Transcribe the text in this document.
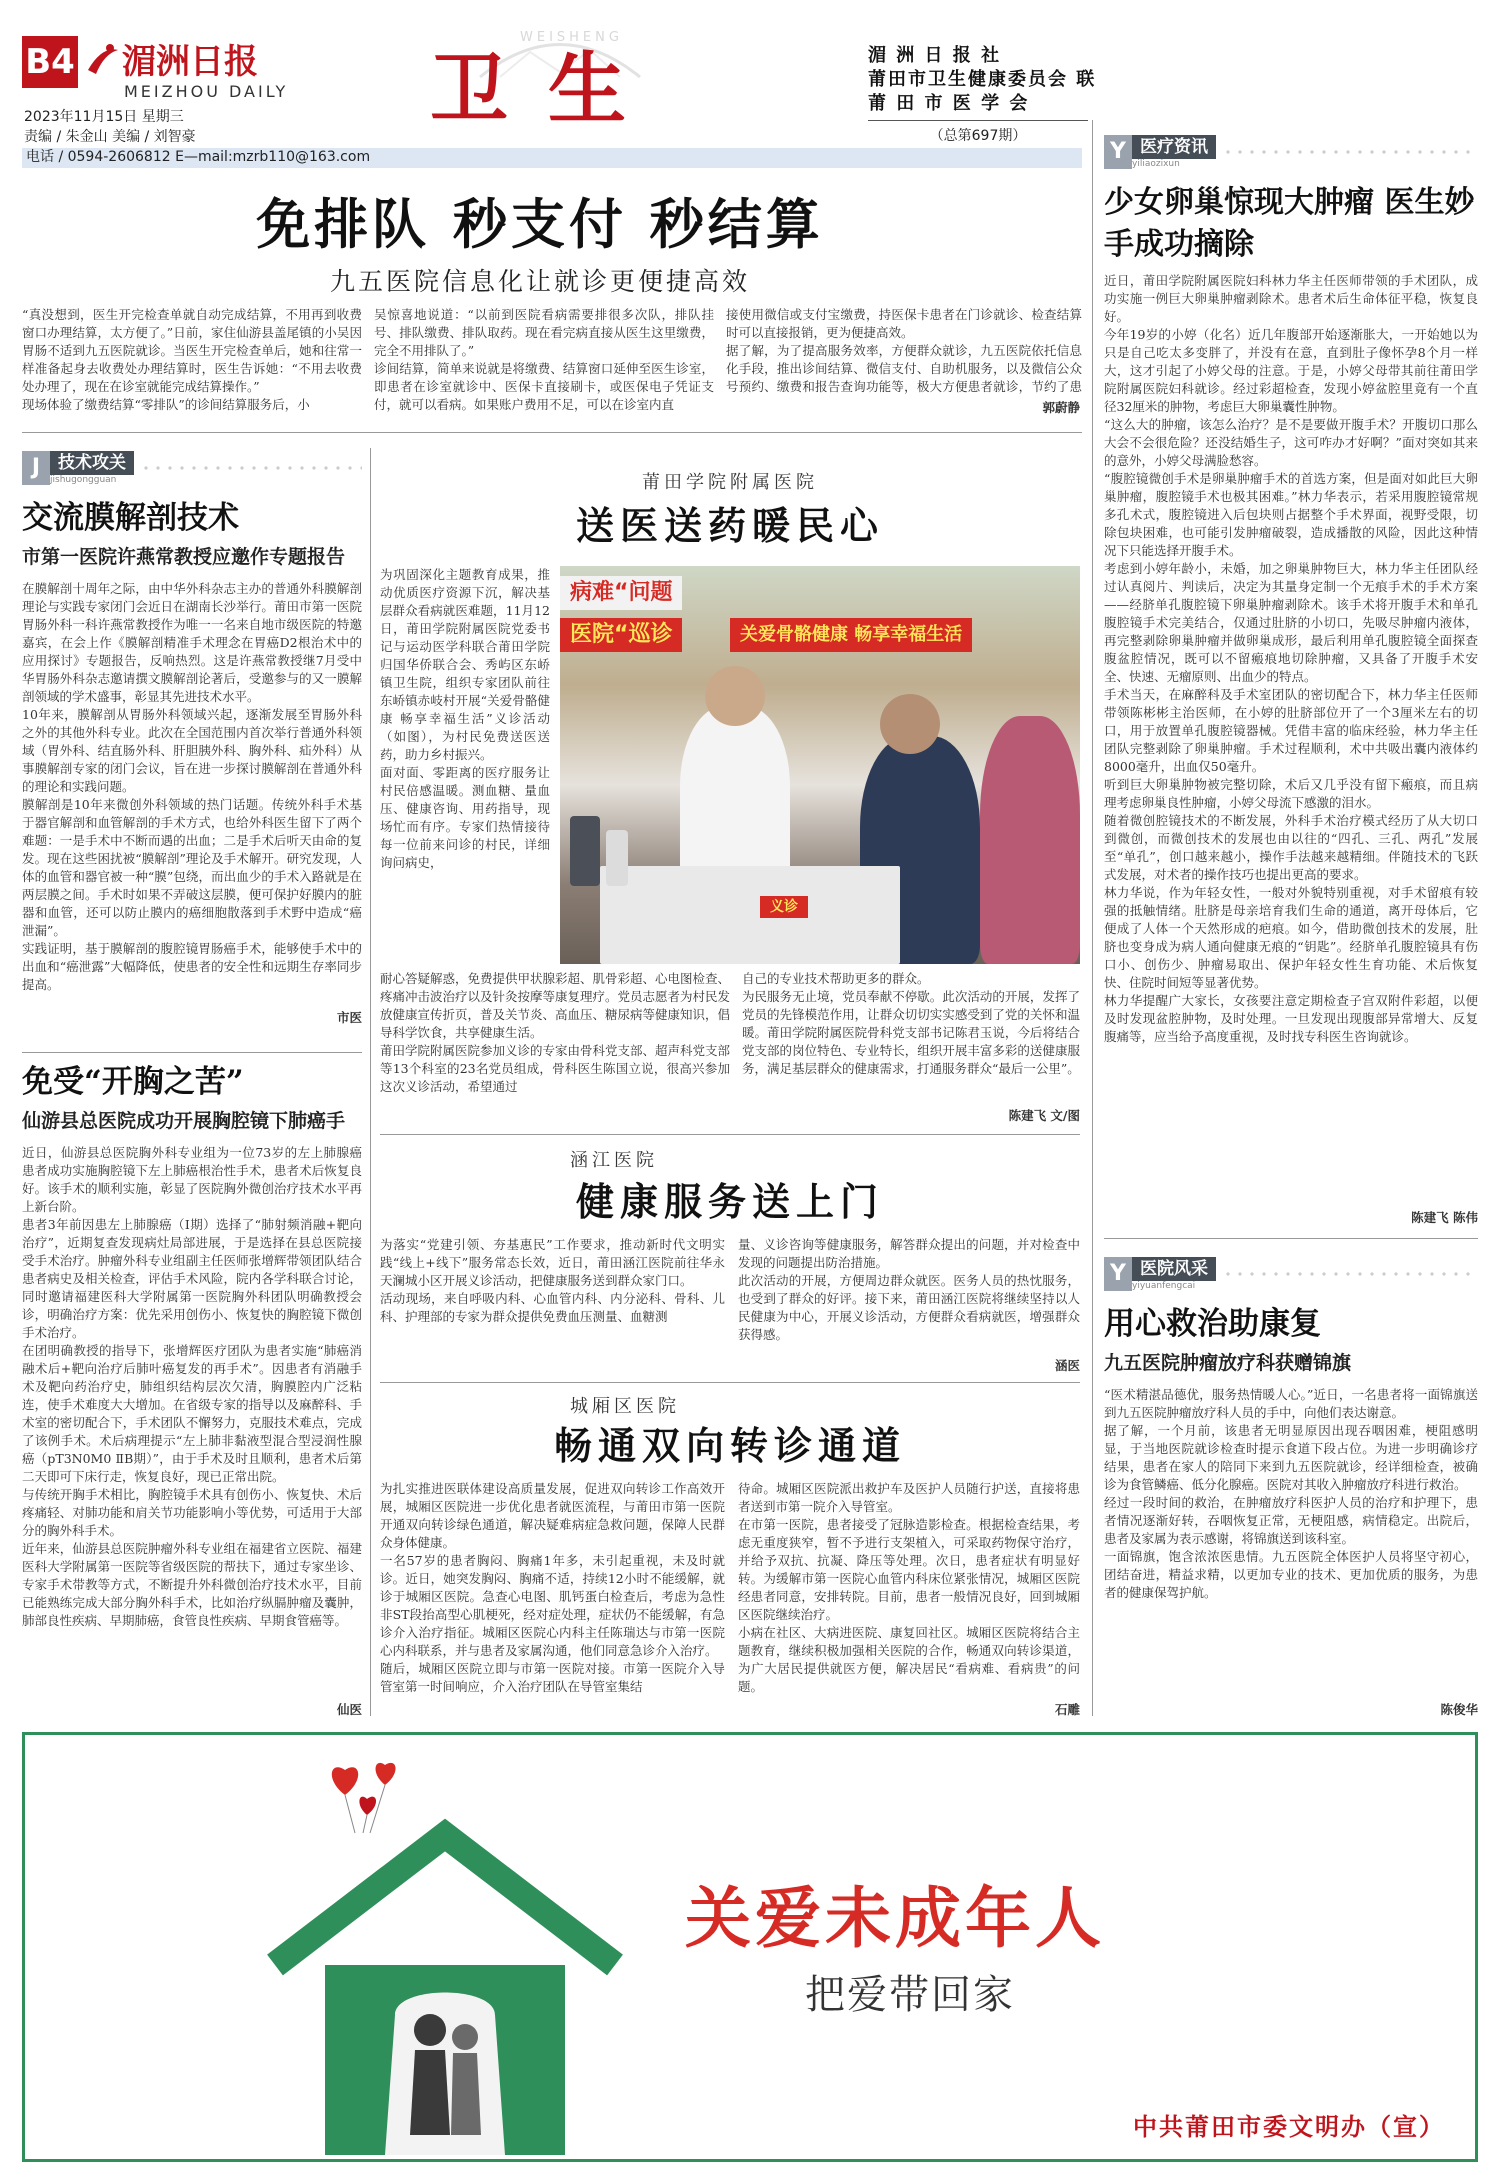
B4 湄洲日报
MEIZHOU DAILY
2023年11月15日 星期三
责编 / 朱金山 美编 / 刘智豪
电话 / 0594-2606812 E—mail:mzrb110@163.com
WEISHENG
卫生	湄 洲 日 报 社
莆田市卫生健康委员会 联
莆 田 市 医 学 会
（总第697期）
免排队 秒支付 秒结算
九五医院信息化让就诊更便捷高效
“真没想到，医生开完检查单就自动完成结算，不用再到收费窗口办理结算，太方便了。”日前，家住仙游县盖尾镇的小吴因胃肠不适到九五医院就诊。当医生开完检查单后，她和往常一样准备起身去收费处办理结算时，医生告诉她：“不用去收费处办理了，现在在诊室就能完成结算操作。”
现场体验了缴费结算“零排队”的诊间结算服务后，小
吴惊喜地说道：“以前到医院看病需要排很多次队，排队挂号、排队缴费、排队取药。现在看完病直接从医生这里缴费，完全不用排队了。”
诊间结算，简单来说就是将缴费、结算窗口延伸至医生诊室，即患者在诊室就诊中、医保卡直接刷卡，或医保电子凭证支付，就可以看病。如果账户费用不足，可以在诊室内直
接使用微信或支付宝缴费，持医保卡患者在门诊就诊、检查结算时可以直接报销，更为便捷高效。
据了解，为了提高服务效率，方便群众就诊，九五医院依托信息化手段，推出诊间结算、微信支付、自助机服务，以及微信公众号预约、缴费和报告查询功能等，极大方便患者就诊，节约了患
郭蔚静
J	技术攻关
jishugongguan
交流膜解剖技术
市第一医院许燕常教授应邀作专题报告
在膜解剖十周年之际，由中华外科杂志主办的普通外科膜解剖理论与实践专家闭门会近日在湖南长沙举行。莆田市第一医院胃肠外科一科许燕常教授作为唯一一名来自地市级医院的特邀嘉宾，在会上作《膜解剖精准手术理念在胃癌D2根治术中的应用探讨》专题报告，反响热烈。这是许燕常教授继7月受中华胃肠外科杂志邀请撰文膜解剖论著后，受邀参与的又一膜解剖领域的学术盛事，彰显其先进技术水平。
10年来，膜解剖从胃肠外科领域兴起，逐渐发展至胃肠外科之外的其他外科专业。此次在全国范围内首次举行普通外科领域（胃外科、结直肠外科、肝胆胰外科、胸外科、疝外科）从事膜解剖专家的闭门会议，旨在进一步探讨膜解剖在普通外科的理论和实践问题。
膜解剖是10年来微创外科领域的热门话题。传统外科手术基于器官解剖和血管解剖的手术方式，也给外科医生留下了两个难题：一是手术中不断而遇的出血；二是手术后听天由命的复发。现在这些困扰被“膜解剖”理论及手术解开。研究发现，人体的血管和器官被一种“膜”包绕，而出血少的手术入路就是在两层膜之间。手术时如果不弄破这层膜，便可保护好膜内的脏器和血管，还可以防止膜内的癌细胞散落到手术野中造成“癌泄漏”。
实践证明，基于膜解剖的腹腔镜胃肠癌手术，能够使手术中的出血和“癌泄露”大幅降低，使患者的安全性和远期生存率同步提高。
市医
免受“开胸之苦”
仙游县总医院成功开展胸腔镜下肺癌手
近日，仙游县总医院胸外科专业组为一位73岁的左上肺腺癌患者成功实施胸腔镜下左上肺癌根治性手术，患者术后恢复良好。该手术的顺利实施，彰显了医院胸外微创治疗技术水平再上新台阶。
患者3年前因患左上肺腺癌（Ⅰ期）选择了“肺射频消融+靶向治疗”，近期复查发现病灶局部进展，于是选择在县总医院接受手术治疗。肿瘤外科专业组副主任医师张增辉带领团队结合患者病史及相关检查，评估手术风险，院内各学科联合讨论，同时邀请福建医科大学附属第一医院胸外科团队明确教授会诊，明确治疗方案：优先采用创伤小、恢复快的胸腔镜下微创手术治疗。
在团明确教授的指导下，张增辉医疗团队为患者实施“肺癌消融术后+靶向治疗后肺叶癌复发的再手术”。因患者有消融手术及靶向药治疗史，肺组织结构层次欠清，胸膜腔内广泛粘连，使手术难度大大增加。在省级专家的指导以及麻醉科、手术室的密切配合下，手术团队不懈努力，克服技术难点，完成了该例手术。术后病理提示“左上肺非黏液型混合型浸润性腺癌（pT3N0M0 ⅡB期）”，由于手术及时且顺利，患者术后第二天即可下床行走，恢复良好，现已正常出院。
与传统开胸手术相比，胸腔镜手术具有创伤小、恢复快、术后疼痛轻、对肺功能和肩关节功能影响小等优势，可适用于大部分的胸外科手术。
近年来，仙游县总医院肿瘤外科专业组在福建省立医院、福建医科大学附属第一医院等省级医院的帮扶下，通过专家坐诊、专家手术带教等方式，不断提升外科微创治疗技术水平，目前已能熟练完成大部分胸外科手术，比如治疗纵膈肿瘤及囊肿，肺部良性疾病、早期肺癌，食管良性疾病、早期食管癌等。
仙医
莆田学院附属医院
送医送药暖民心
为巩固深化主题教育成果，推动优质医疗资源下沉，解决基层群众看病就医难题，11月12日，莆田学院附属医院党委书记与运动医学科联合莆田学院归国华侨联合会、秀屿区东峤镇卫生院，组织专家团队前往东峤镇赤岐村开展“关爱骨骼健康 畅享幸福生活”义诊活动（如图），为村民免费送医送药，助力乡村振兴。
面对面、零距离的医疗服务让村民倍感温暖。测血糖、量血压、健康咨询、用药指导，现场忙而有序。专家们热情接待每一位前来问诊的村民，详细询问病史，
医院“巡诊	关爱骨骼健康 畅享幸福生活
病难“问题
义诊
耐心答疑解惑，免费提供甲状腺彩超、肌骨彩超、心电图检查、疼痛冲击波治疗以及针灸按摩等康复理疗。党员志愿者为村民发放健康宣传折页，普及关节炎、高血压、糖尿病等健康知识，倡导科学饮食，共享健康生活。
莆田学院附属医院参加义诊的专家由骨科党支部、超声科党支部等13个科室的23名党员组成，骨科医生陈国立说，很高兴参加这次义诊活动，希望通过
自己的专业技术帮助更多的群众。
为民服务无止境，党员奉献不停歇。此次活动的开展，发挥了党员的先锋模范作用，让群众切切实实感受到了党的关怀和温暖。莆田学院附属医院骨科党支部书记陈君玉说，今后将结合党支部的岗位特色、专业特长，组织开展丰富多彩的送健康服务，满足基层群众的健康需求，打通服务群众“最后一公里”。
陈建飞 文/图
涵江医院
健康服务送上门
为落实“党建引领、夯基惠民”工作要求，推动新时代文明实践“线上+线下”服务常态长效，近日，莆田涵江医院前往华永天澜城小区开展义诊活动，把健康服务送到群众家门口。
活动现场，来自呼吸内科、心血管内科、内分泌科、骨科、儿科、护理部的专家为群众提供免费血压测量、血糖测
量、义诊咨询等健康服务，解答群众提出的问题，并对检查中发现的问题提出防治措施。
此次活动的开展，方便周边群众就医。医务人员的热忱服务，也受到了群众的好评。接下来，莆田涵江医院将继续坚持以人民健康为中心，开展义诊活动，方便群众看病就医，增强群众获得感。
涵医
城厢区医院
畅通双向转诊通道
为扎实推进医联体建设高质量发展，促进双向转诊工作高效开展，城厢区医院进一步优化患者就医流程，与莆田市第一医院开通双向转诊绿色通道，解决疑难病症急救问题，保障人民群众身体健康。
一名57岁的患者胸闷、胸痛1年多，未引起重视，未及时就诊。近日，她突发胸闷、胸痛不适，持续12小时不能缓解，就诊于城厢区医院。急查心电图、肌钙蛋白检查后，考虑为急性非ST段抬高型心肌梗死，经对症处理，症状仍不能缓解，有急诊介入治疗指征。城厢区医院心内科主任陈瑞达与市第一医院心内科联系，并与患者及家属沟通，他们同意急诊介入治疗。
随后，城厢区医院立即与市第一医院对接。市第一医院介入导管室第一时间响应，介入治疗团队在导管室集结
待命。城厢区医院派出救护车及医护人员随行护送，直接将患者送到市第一院介入导管室。
在市第一医院，患者接受了冠脉造影检查。根据检查结果，考虑无重度狭窄，暂不予进行支架植入，可采取药物保守治疗，并给予双抗、抗凝、降压等处理。次日，患者症状有明显好转。为缓解市第一医院心血管内科床位紧张情况，城厢区医院经患者同意，安排转院。目前，患者一般情况良好，回到城厢区医院继续治疗。
小病在社区、大病进医院、康复回社区。城厢区医院将结合主题教育，继续积极加强相关医院的合作，畅通双向转诊渠道，为广大居民提供就医方便，解决居民“看病难、看病贵”的问题。
石雕
Y 医疗资讯
yiliaozixun
少女卵巢惊现大肿瘤 医生妙手成功摘除
近日，莆田学院附属医院妇科林力华主任医师带领的手术团队，成功实施一例巨大卵巢肿瘤剥除术。患者术后生命体征平稳，恢复良好。
今年19岁的小婷（化名）近几年腹部开始逐渐胀大，一开始她以为只是自己吃太多变胖了，并没有在意，直到肚子像怀孕8个月一样大，这才引起了小婷父母的注意。于是，小婷父母带其前往莆田学院附属医院妇科就诊。经过彩超检查，发现小婷盆腔里竟有一个直径32厘米的肿物，考虑巨大卵巢囊性肿物。
“这么大的肿瘤，该怎么治疗？是不是要做开腹手术？开腹切口那么大会不会很危险？还没结婚生子，这可咋办才好啊？”面对突如其来的意外，小婷父母满脸愁容。
“腹腔镜微创手术是卵巢肿瘤手术的首选方案，但是面对如此巨大卵巢肿瘤，腹腔镜手术也极其困难。”林力华表示，若采用腹腔镜常规多孔术式，腹腔镜进入后包块则占据整个手术界面，视野受限，切除包块困难，也可能引发肿瘤破裂，造成播散的风险，因此这种情况下只能选择开腹手术。
考虑到小婷年龄小，未婚，加之卵巢肿物巨大，林力华主任团队经过认真阅片、判读后，决定为其量身定制一个无痕手术的手术方案——经脐单孔腹腔镜下卵巢肿瘤剥除术。该手术将开腹手术和单孔腹腔镜手术完美结合，仅通过肚脐的小切口，先吸尽肿瘤内液体，再完整剥除卵巢肿瘤并做卵巢成形，最后利用单孔腹腔镜全面探查腹盆腔情况，既可以不留瘢痕地切除肿瘤，又具备了开腹手术安全、快速、无瘤原则、出血少的特点。
手术当天，在麻醉科及手术室团队的密切配合下，林力华主任医师带领陈彬彬主治医师，在小婷的肚脐部位开了一个3厘米左右的切口，用于放置单孔腹腔镜器械。凭借丰富的临床经验，林力华主任团队完整剥除了卵巢肿瘤。手术过程顺利，术中共吸出囊内液体约8000毫升，出血仅50毫升。
听到巨大卵巢肿物被完整切除，术后又几乎没有留下瘢痕，而且病理考虑卵巢良性肿瘤，小婷父母流下感激的泪水。
随着微创腔镜技术的不断发展，外科手术治疗模式经历了从大切口到微创，而微创技术的发展也由以往的“四孔、三孔、两孔”发展至“单孔”，创口越来越小，操作手法越来越精细。伴随技术的飞跃式发展，对术者的操作技巧也提出更高的要求。
林力华说，作为年轻女性，一般对外貌特别重视，对手术留痕有较强的抵触情绪。肚脐是母亲培育我们生命的通道，离开母体后，它便成了人体一个天然形成的疤痕。如今，借助微创技术的发展，肚脐也变身成为病人通向健康无痕的“钥匙”。经脐单孔腹腔镜具有伤口小、创伤少、肿瘤易取出、保护年轻女性生育功能、术后恢复快、住院时间短等显著优势。
林力华提醒广大家长，女孩要注意定期检查子宫双附件彩超，以便及时发现盆腔肿物，及时处理。一旦发现出现腹部异常增大、反复腹痛等，应当给予高度重视，及时找专科医生咨询就诊。
陈建飞 陈伟
Y 医院风采
yiyuanfengcai
用心救治助康复
九五医院肿瘤放疗科获赠锦旗
“医术精湛品德优，服务热情暖人心。”近日，一名患者将一面锦旗送到九五医院肿瘤放疗科人员的手中，向他们表达谢意。
据了解，一个月前，该患者无明显原因出现吞咽困难，梗阻感明显，于当地医院就诊检查时提示食道下段占位。为进一步明确诊疗结果，患者在家人的陪同下来到九五医院就诊，经详细检查，被确诊为食管鳞癌、低分化腺癌。医院对其收入肿瘤放疗科进行救治。
经过一段时间的救治，在肿瘤放疗科医护人员的治疗和护理下，患者情况逐渐好转，吞咽恢复正常，无梗阻感，病情稳定。出院后，患者及家属为表示感谢，将锦旗送到该科室。
一面锦旗，饱含浓浓医患情。九五医院全体医护人员将坚守初心，团结奋进，精益求精，以更加专业的技术、更加优质的服务，为患者的健康保驾护航。
陈俊华
关爱未成年人
把爱带回家
中共莆田市委文明办（宣）
